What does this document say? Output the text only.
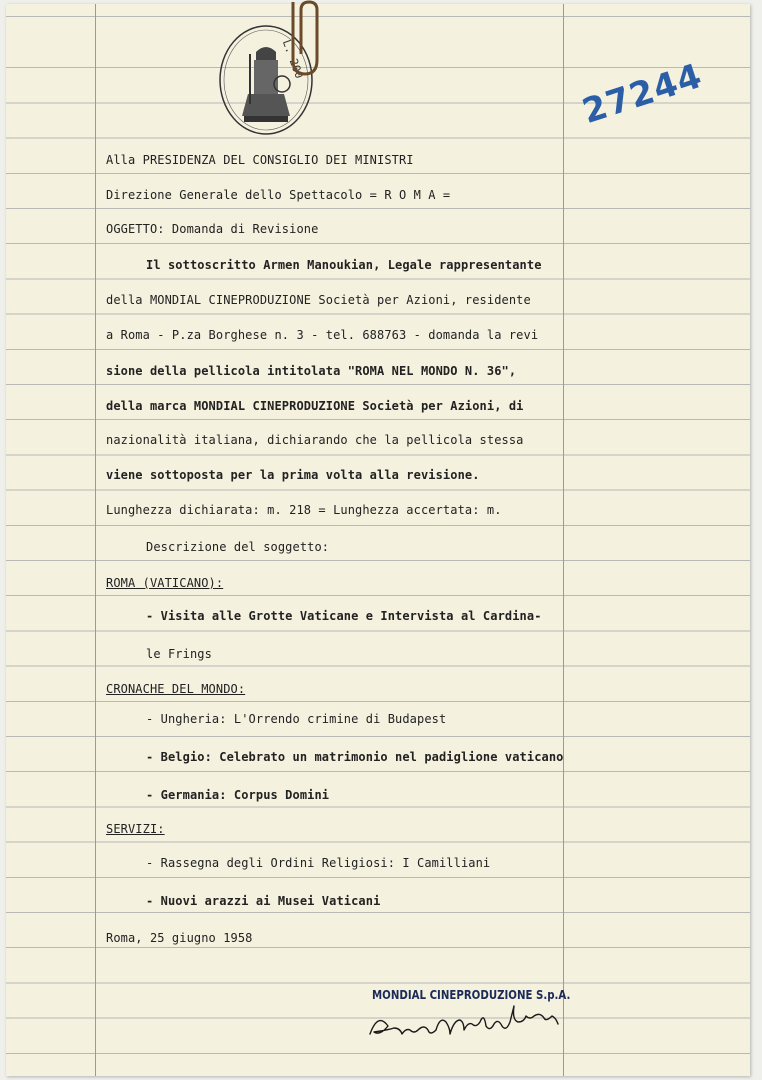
L. 200	27244
Alla PRESIDENZA DEL CONSIGLIO DEI MINISTRI
Direzione Generale dello Spettacolo = R O M A =
OGGETTO: Domanda di Revisione
Il sottoscritto Armen Manoukian, Legale rappresentante
della MONDIAL CINEPRODUZIONE Società per Azioni, residente
a Roma - P.za Borghese n. 3 - tel. 688763 - domanda la revi
sione della pellicola intitolata "ROMA NEL MONDO N. 36",
della marca MONDIAL CINEPRODUZIONE Società per Azioni, di
nazionalità italiana, dichiarando che la pellicola stessa
viene sottoposta per la prima volta alla revisione.
Lunghezza dichiarata: m. 218 = Lunghezza accertata: m.
Descrizione del soggetto:
ROMA (VATICANO):
- Visita alle Grotte Vaticane e Intervista al Cardina-
le Frings
CRONACHE DEL MONDO:
- Ungheria: L'Orrendo crimine di Budapest
- Belgio: Celebrato un matrimonio nel padiglione vaticano
- Germania: Corpus Domini
SERVIZI:
- Rassegna degli Ordini Religiosi: I Camilliani
- Nuovi arazzi ai Musei Vaticani
Roma, 25 giugno 1958
MONDIAL CINEPRODUZIONE S.p.A.
